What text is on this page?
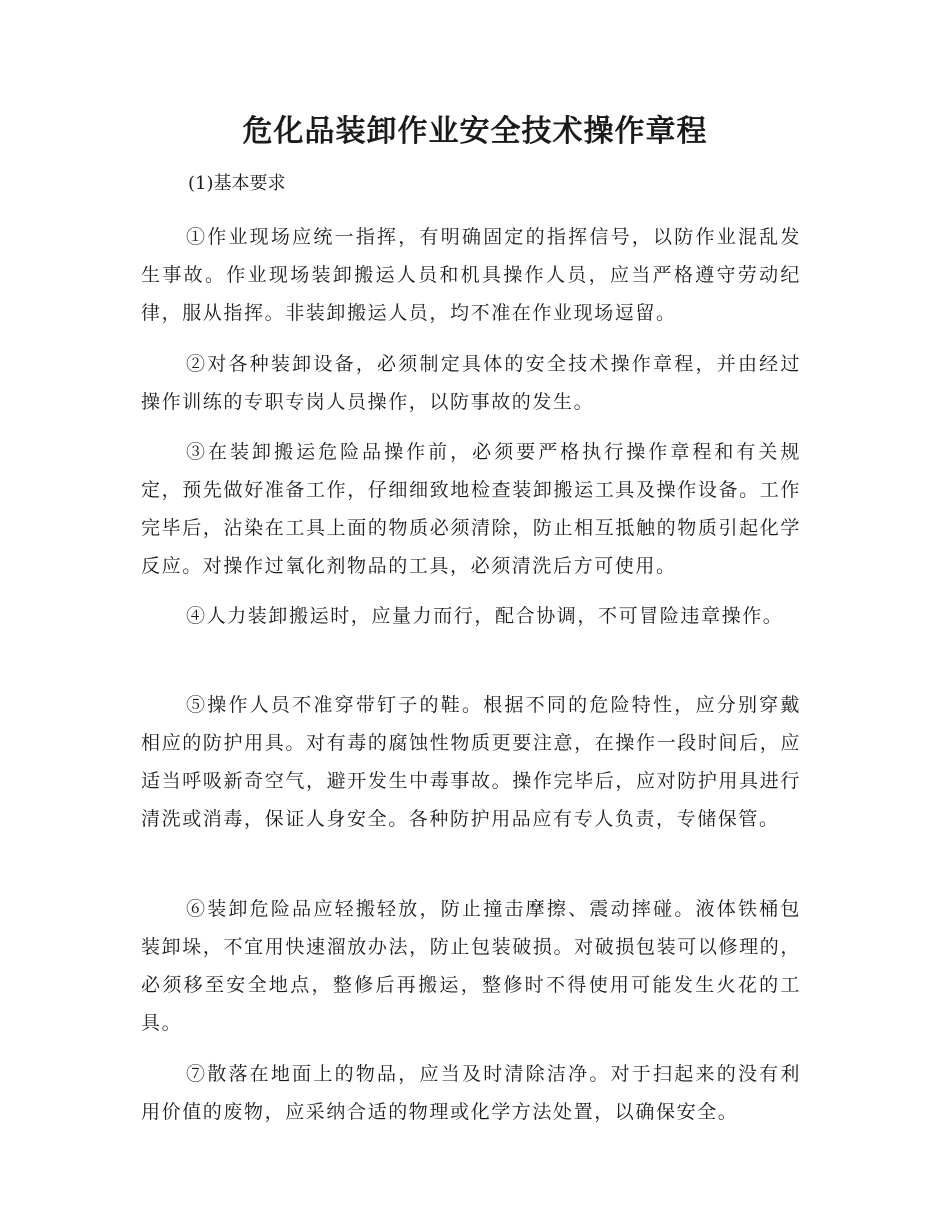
危化品装卸作业安全技术操作章程

(1)基本要求

①作业现场应统一指挥，有明确固定的指挥信号，以防作业混乱发生事故。作业现场装卸搬运人员和机具操作人员，应当严格遵守劳动纪律，服从指挥。非装卸搬运人员，均不准在作业现场逗留。

②对各种装卸设备，必须制定具体的安全技术操作章程，并由经过操作训练的专职专岗人员操作，以防事故的发生。

③在装卸搬运危险品操作前，必须要严格执行操作章程和有关规定，预先做好准备工作，仔细细致地检查装卸搬运工具及操作设备。工作完毕后，沾染在工具上面的物质必须清除，防止相互抵触的物质引起化学反应。对操作过氧化剂物品的工具，必须清洗后方可使用。

④人力装卸搬运时，应量力而行，配合协调，不可冒险违章操作。

⑤操作人员不准穿带钉子的鞋。根据不同的危险特性，应分别穿戴相应的防护用具。对有毒的腐蚀性物质更要注意，在操作一段时间后，应适当呼吸新奇空气，避开发生中毒事故。操作完毕后，应对防护用具进行清洗或消毒，保证人身安全。各种防护用品应有专人负责，专储保管。

⑥装卸危险品应轻搬轻放，防止撞击摩擦、震动摔碰。液体铁桶包装卸垛，不宜用快速溜放办法，防止包装破损。对破损包装可以修理的，必须移至安全地点，整修后再搬运，整修时不得使用可能发生火花的工具。

⑦散落在地面上的物品，应当及时清除洁净。对于扫起来的没有利用价值的废物，应采纳合适的物理或化学方法处置，以确保安全。
